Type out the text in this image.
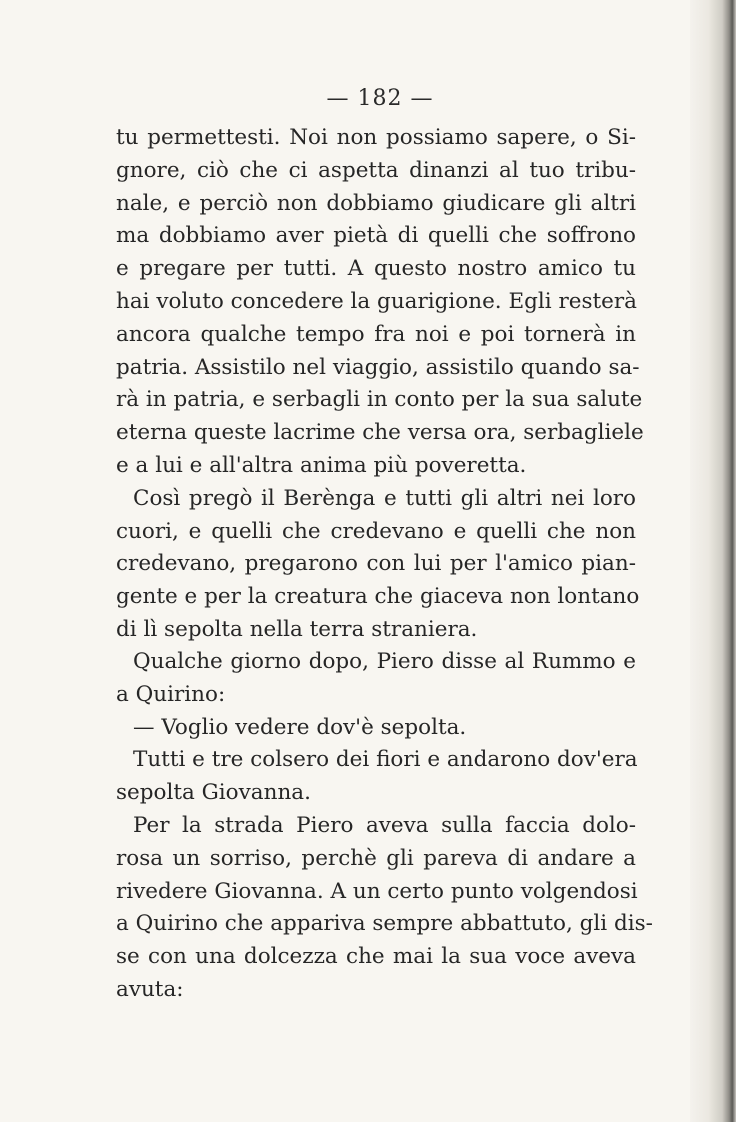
— 182 —
tu permettesti. Noi non possiamo sapere, o Si-
gnore, ciò che ci aspetta dinanzi al tuo tribu-
nale, e perciò non dobbiamo giudicare gli altri
ma dobbiamo aver pietà di quelli che soffrono
e pregare per tutti. A questo nostro amico tu
hai voluto concedere la guarigione. Egli resterà
ancora qualche tempo fra noi e poi tornerà in
patria. Assistilo nel viaggio, assistilo quando sa-
rà in patria, e serbagli in conto per la sua salute
eterna queste lacrime che versa ora, serbagliele
e a lui e all'altra anima più poveretta.
Così pregò il Berènga e tutti gli altri nei loro
cuori, e quelli che credevano e quelli che non
credevano, pregarono con lui per l'amico pian-
gente e per la creatura che giaceva non lontano
di lì sepolta nella terra straniera.
Qualche giorno dopo, Piero disse al Rummo e
a Quirino:
— Voglio vedere dov'è sepolta.
Tutti e tre colsero dei fiori e andarono dov'era
sepolta Giovanna.
Per la strada Piero aveva sulla faccia dolo-
rosa un sorriso, perchè gli pareva di andare a
rivedere Giovanna. A un certo punto volgendosi
a Quirino che appariva sempre abbattuto, gli dis-
se con una dolcezza che mai la sua voce aveva
avuta:
